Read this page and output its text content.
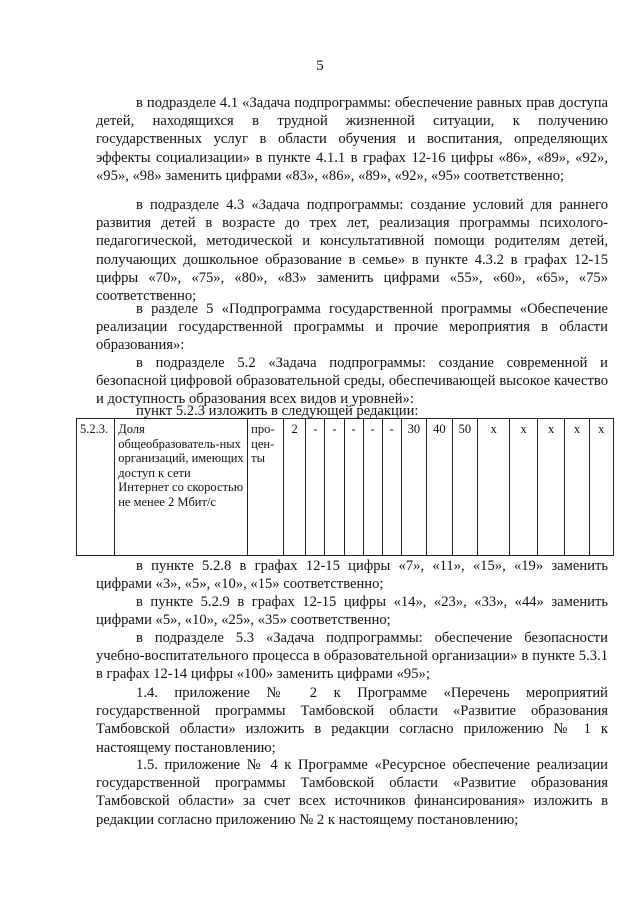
5
в подразделе 4.1 «Задача подпрограммы: обеспечение равных прав доступа детей, находящихся в трудной жизненной ситуации, к получению государственных услуг в области обучения и воспитания, определяющих эффекты социализации» в пункте 4.1.1 в графах 12-16 цифры «86», «89», «92», «95», «98» заменить цифрами «83», «86», «89», «92», «95» соответственно;
в подразделе 4.3 «Задача подпрограммы: создание условий для раннего развития детей в возрасте до трех лет, реализация программы психолого-педагогической, методической и консультативной помощи родителям детей, получающих дошкольное образование в семье» в пункте 4.3.2 в графах 12-15 цифры «70», «75», «80», «83» заменить цифрами «55», «60», «65», «75» соответственно;
в разделе 5 «Подпрограмма государственной программы «Обеспечение реализации государственной программы и прочие мероприятия в области образования»:
в подразделе 5.2 «Задача подпрограммы: создание современной и безопасной цифровой образовательной среды, обеспечивающей высокое качество и доступность образования всех видов и уровней»:
пункт 5.2.3 изложить в следующей редакции:
5.2.3.	Доля общеобразователь-ных организаций, имеющих доступ к сети Интернет со скоростью не менее 2 Мбит/с	про-цен-ты	2	-	-	-	-	-	30	40	50	х	х	х	х	х
в пункте 5.2.8 в графах 12-15 цифры «7», «11», «15», «19» заменить цифрами «3», «5», «10», «15» соответственно;
в пункте 5.2.9 в графах 12-15 цифры «14», «23», «33», «44» заменить цифрами «5», «10», «25», «35» соответственно;
в подразделе 5.3 «Задача подпрограммы: обеспечение безопасности учебно-воспитательного процесса в образовательной организации» в пункте 5.3.1 в графах 12-14 цифры «100» заменить цифрами «95»;
1.4. приложение № 2 к Программе «Перечень мероприятий государственной программы Тамбовской области «Развитие образования Тамбовской области» изложить в редакции согласно приложению № 1 к настоящему постановлению;
1.5. приложение № 4 к Программе «Ресурсное обеспечение реализации государственной программы Тамбовской области «Развитие образования Тамбовской области» за счет всех источников финансирования» изложить в редакции согласно приложению № 2 к настоящему постановлению;
